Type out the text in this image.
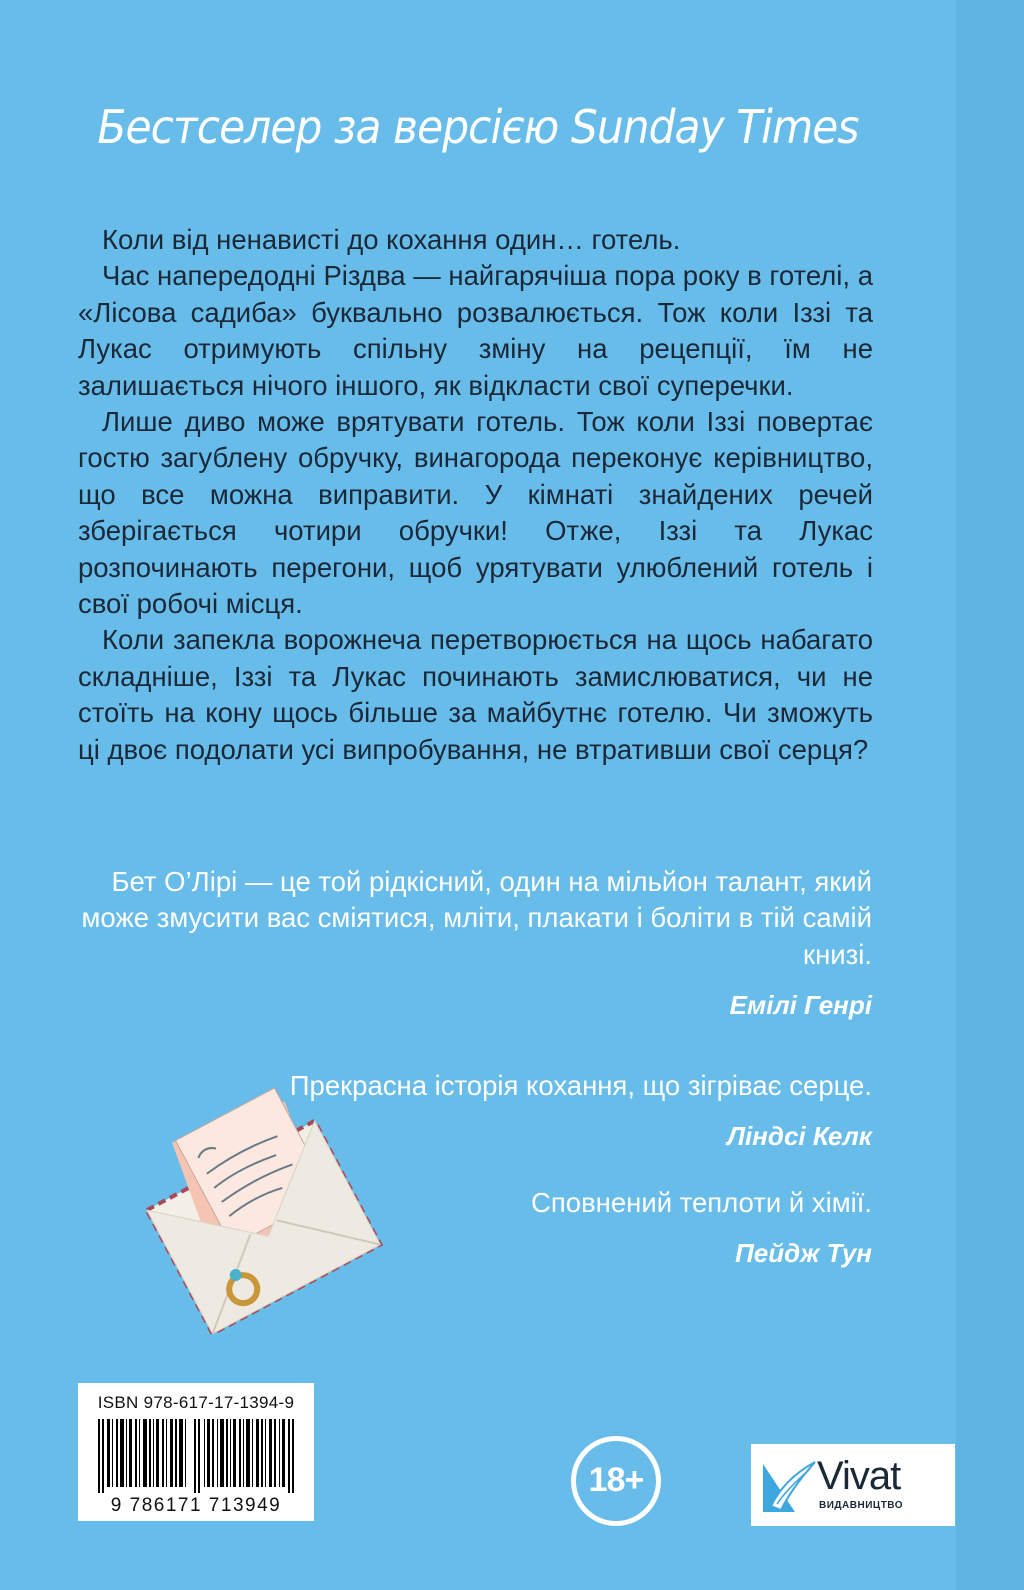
Бестселер за версією Sunday Times

Коли від ненависті до кохання один… готель.

Час напередодні Різдва — найгарячіша пора року в готелі, а «Лісова садиба» буквально розвалюється. Тож коли Іззі та Лукас отримують спільну зміну на рецепції, їм не залишається нічого іншого, як відкласти свої суперечки.

Лише диво може врятувати готель. Тож коли Іззі повертає гостю загублену обручку, винагорода переконує керівництво, що все можна виправити. У кімнаті знайдених речей зберігається чотири обручки! Отже, Іззі та Лукас розпочинають перегони, щоб урятувати улюблений готель і свої робочі місця.

Коли запекла ворожнеча перетворюється на щось набагато складніше, Іззі та Лукас починають замислюватися, чи не стоїть на кону щось більше за майбутнє готелю. Чи зможуть ці двоє подолати усі випробування, не втративши свої серця?

Бет О’Лірі — це той рідкісний, один на мільйон талант, який може змусити вас сміятися, мліти, плакати і боліти в тій самій книзі.

Емілі Генрі

Прекрасна історія кохання, що зігріває серце.

Ліндсі Келк

Сповнений теплоти й хімії.

Пейдж Тун

ISBN 978-617-17-1394-9
9 786171 713949
18+	Vivat
ВИДАВНИЦТВО
